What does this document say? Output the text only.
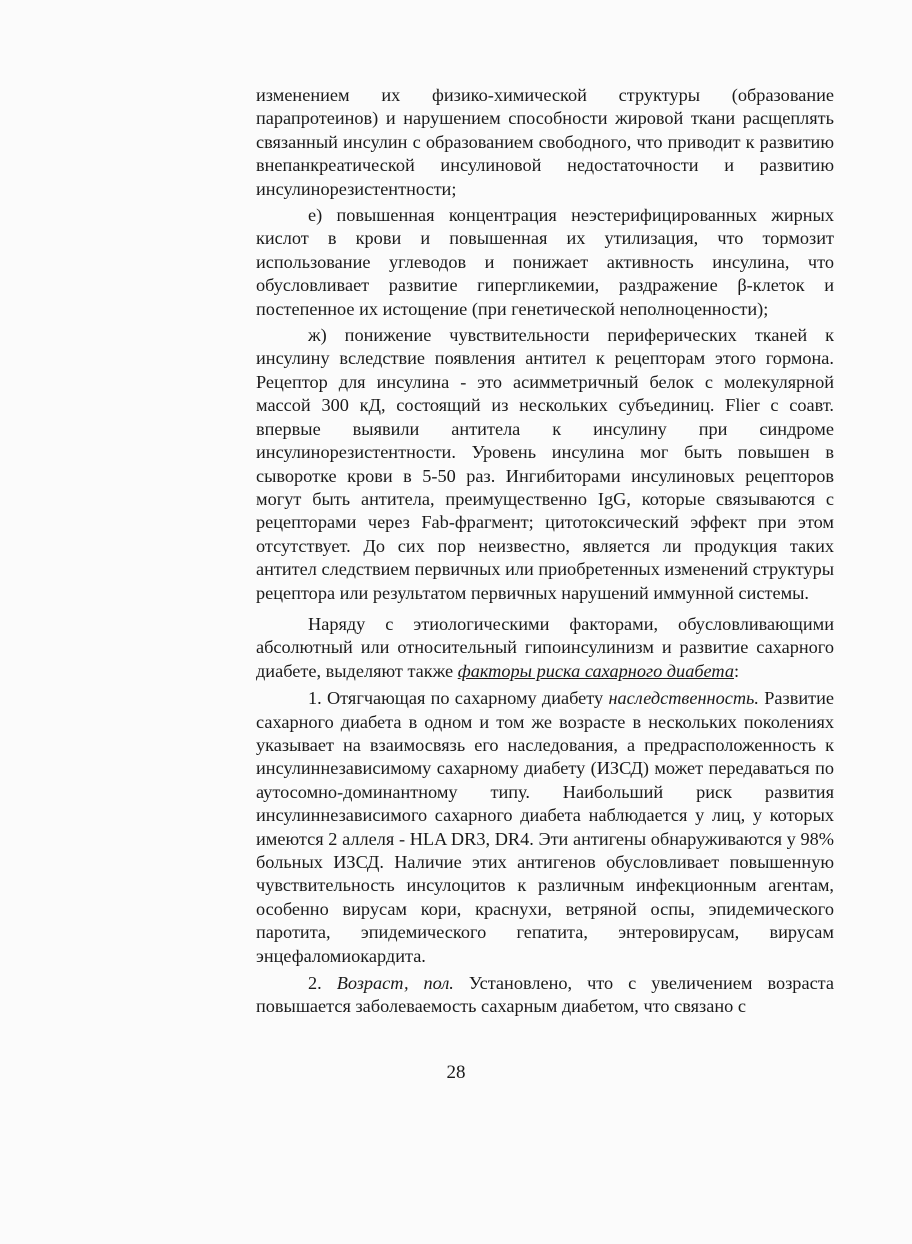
изменением их физико-химической структуры (образование парапротеинов) и нарушением способности жировой ткани расщеплять связанный инсулин с образованием свободного, что приводит к развитию внепанкреатической инсулиновой недостаточности и развитию инсулинорезистентности;

е) повышенная концентрация неэстерифицированных жирных кислот в крови и повышенная их утилизация, что тормозит использование углеводов и понижает активность инсулина, что обусловливает развитие гипергликемии, раздражение β-клеток и постепенное их истощение (при генетической неполноценности);

ж) понижение чувствительности периферических тканей к инсулину вследствие появления антител к рецепторам этого гормона. Рецептор для инсулина - это асимметричный белок с молекулярной массой 300 кД, состоящий из нескольких субъединиц. Flier с соавт. впервые выявили антитела к инсулину при синдроме инсулинорезистентности. Уровень инсулина мог быть повышен в сыворотке крови в 5-50 раз. Ингибиторами инсулиновых рецепторов могут быть антитела, преимущественно IgG, которые связываются с рецепторами через Fab-фрагмент; цитотоксический эффект при этом отсутствует. До сих пор неизвестно, является ли продукция таких антител следствием первичных или приобретенных изменений структуры рецептора или результатом первичных нарушений иммунной системы.

Наряду с этиологическими факторами, обусловливающими абсолютный или относительный гипоинсулинизм и развитие сахарного диабете, выделяют также факторы риска сахарного диабета:

1. Отягчающая по сахарному диабету наследственность. Развитие сахарного диабета в одном и том же возрасте в нескольких поколениях указывает на взаимосвязь его наследования, а предрасположенность к инсулиннезависимому сахарному диабету (ИЗСД) может передаваться по аутосомно-доминантному типу. Наибольший риск развития инсулиннезависимого сахарного диабета наблюдается у лиц, у которых имеются 2 аллеля - HLA DR3, DR4. Эти антигены обнаруживаются у 98% больных ИЗСД. Наличие этих антигенов обусловливает повышенную чувствительность инсулоцитов к различным инфекционным агентам, особенно вирусам кори, краснухи, ветряной оспы, эпидемического паротита, эпидемического гепатита, энтеровирусам, вирусам энцефаломиокардита.

2. Возраст, пол. Установлено, что с увеличением возраста повышается заболеваемость сахарным диабетом, что связано с

28
